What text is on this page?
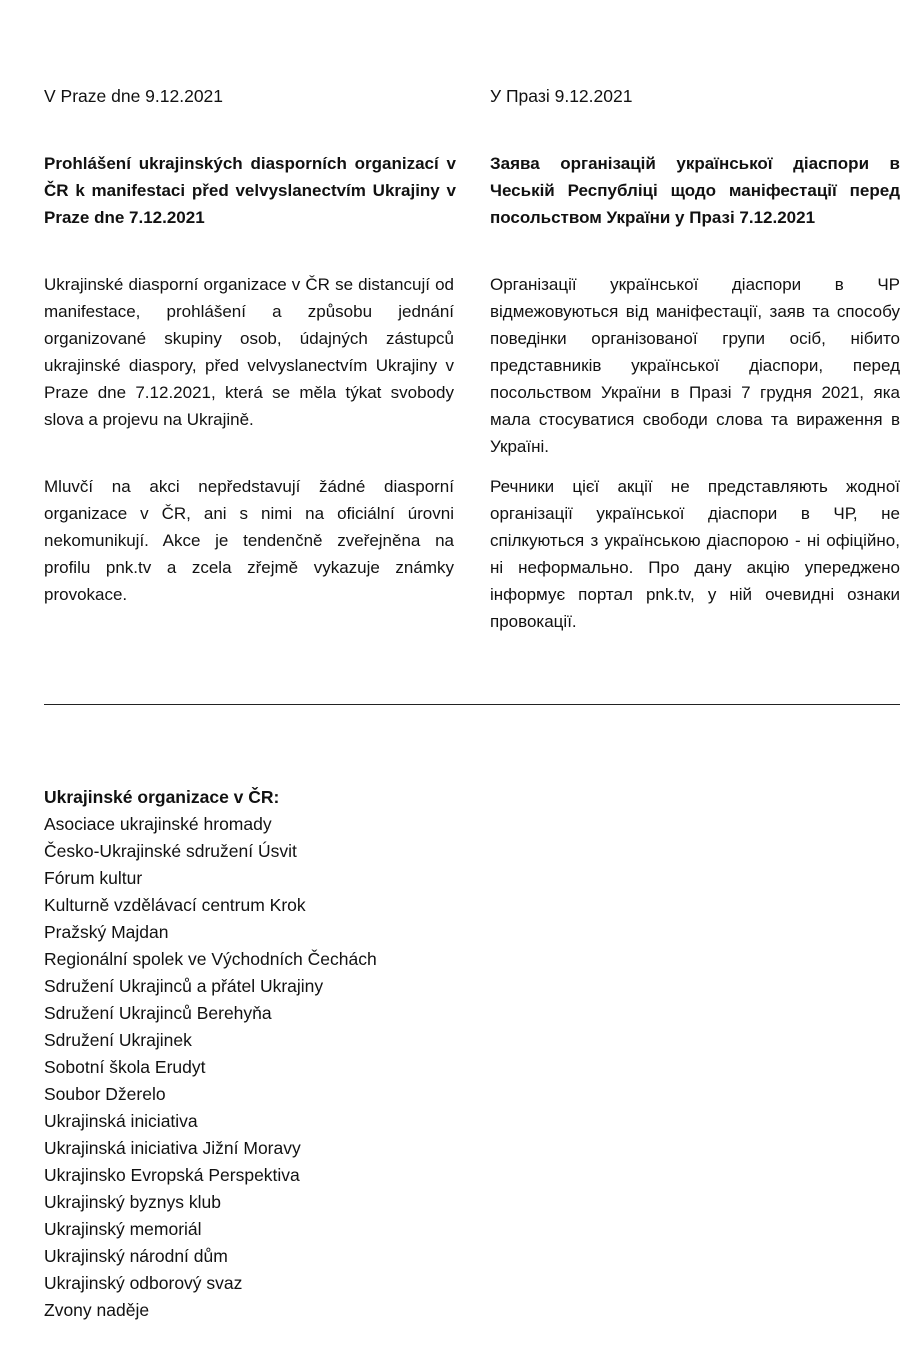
V Praze dne 9.12.2021
Prohlášení ukrajinských diasporních organizací v ČR k manifestaci před velvyslanectvím Ukrajiny v Praze dne 7.12.2021
Ukrajinské diasporní organizace v ČR se distancují od manifestace, prohlášení a způsobu jednání organizované skupiny osob, údajných zástupců ukrajinské diaspory, před velvyslanectvím Ukrajiny v Praze dne 7.12.2021, která se měla týkat svobody slova a projevu na Ukrajině.
Mluvčí na akci nepředstavují žádné diasporní organizace v ČR, ani s nimi na oficiální úrovni nekomunikují. Akce je tendenčně zveřejněna na profilu pnk.tv a zcela zřejmě vykazuje známky provokace.
У Празі 9.12.2021
Заява організацій української діаспори в Чеській Республіці щодо маніфестації перед посольством України у Празі 7.12.2021
Організації української діаспори в ЧР відмежовуються від маніфестації, заяв та способу поведінки організованої групи осіб, нібито представників української діаспори, перед посольством України в Празі 7 грудня 2021, яка мала стосуватися свободи слова та вираження в Україні.
Речники цієї акції не представляють жодної організації української діаспори в ЧР, не спілкуються з українською діаспорою - ні офіційно, ні неформально. Про дану акцію упереджено інформує портал pnk.tv, у ній очевидні ознаки провокації.
Ukrajinské organizace v ČR:
Asociace ukrajinské hromady
Česko-Ukrajinské sdružení Úsvit
Fórum kultur
Kulturně vzdělávací centrum Krok
Pražský Majdan
Regionální spolek ve Východních Čechách
Sdružení Ukrajinců a přátel Ukrajiny
Sdružení Ukrajinců Berehyňa
Sdružení Ukrajinek
Sobotní škola Erudyt
Soubor Džerelo
Ukrajinská iniciativa
Ukrajinská iniciativa Jižní Moravy
Ukrajinsko Evropská Perspektiva
Ukrajinský byznys klub
Ukrajinský memoriál
Ukrajinský národní dům
Ukrajinský odborový svaz
Zvony naděje
